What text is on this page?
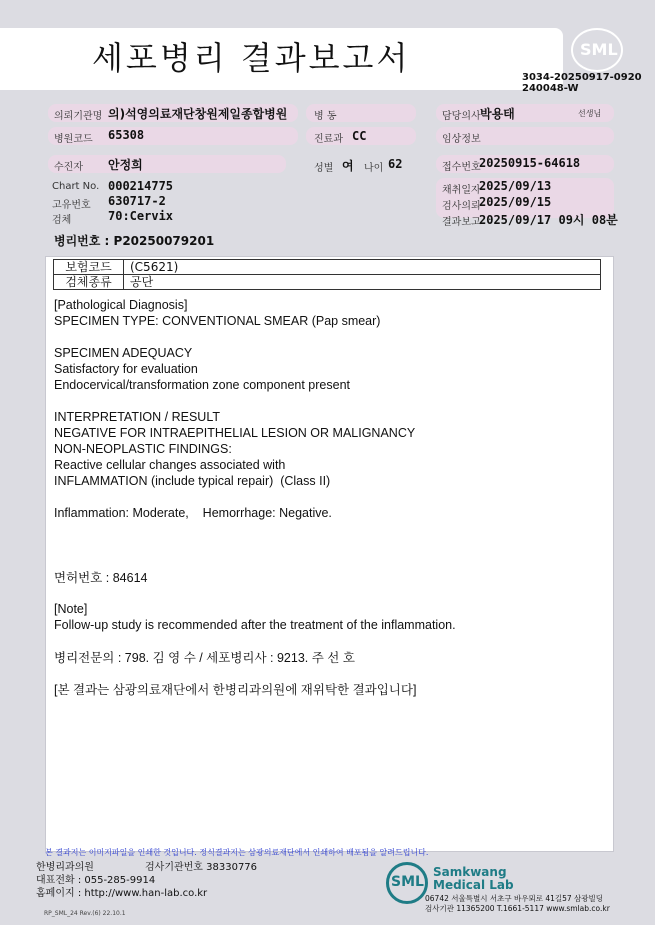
세포병리 결과보고서	SML
3034-20250917-0920
240048-W
의뢰기관명 의)석영의료재단창원제일종합병원	병 동	담당의사 박용태	선생님
병원코드 65308	진료과 CC	임상정보
수진자 안정희	성별 여 나이 62	접수번호
20250915-64618
Chart No. 000214775
고유번호 630717-2
검체	70:Cervix
채취일자
2025/09/13
검사의뢰
2025/09/15
결과보고
2025/09/17 09시 08분
병리번호 : P20250079201
보험코드	(C5621)
검체종류	공단
[Pathological Diagnosis]
SPECIMEN TYPE: CONVENTIONAL SMEAR (Pap smear)
SPECIMEN ADEQUACY
Satisfactory for evaluation
Endocervical/transformation zone component present
INTERPRETATION / RESULT
NEGATIVE FOR INTRAEPITHELIAL LESION OR MALIGNANCY
NON-NEOPLASTIC FINDINGS:
Reactive cellular changes associated with
INFLAMMATION (include typical repair)  (Class II)
Inflammation: Moderate,    Hemorrhage: Negative.
면허번호 : 84614
[Note]
Follow-up study is recommended after the treatment of the inflammation.
병리전문의 : 798. 김 영 수 / 세포병리사 : 9213. 주 선 호
[본 결과는 삼광의료재단에서 한병리과의원에 재위탁한 결과입니다]
본 결과지는 이미지파일을 인쇄한 것입니다. 정식결과지는 삼광의료재단에서 인쇄하여 배포됨을 알려드립니다.
한병리과의원	검사기관번호 38330776
대표전화 : 055-285-9914
홈페이지 : http://www.han-lab.co.kr
RP_SML_24 Rev.(6) 22.10.1
SML
Samkwang
Medical Lab
06742 서울특별시 서초구 바우뫼로 41길57 삼광빌딩
검사기관 11365200 T.1661-5117 www.smlab.co.kr
